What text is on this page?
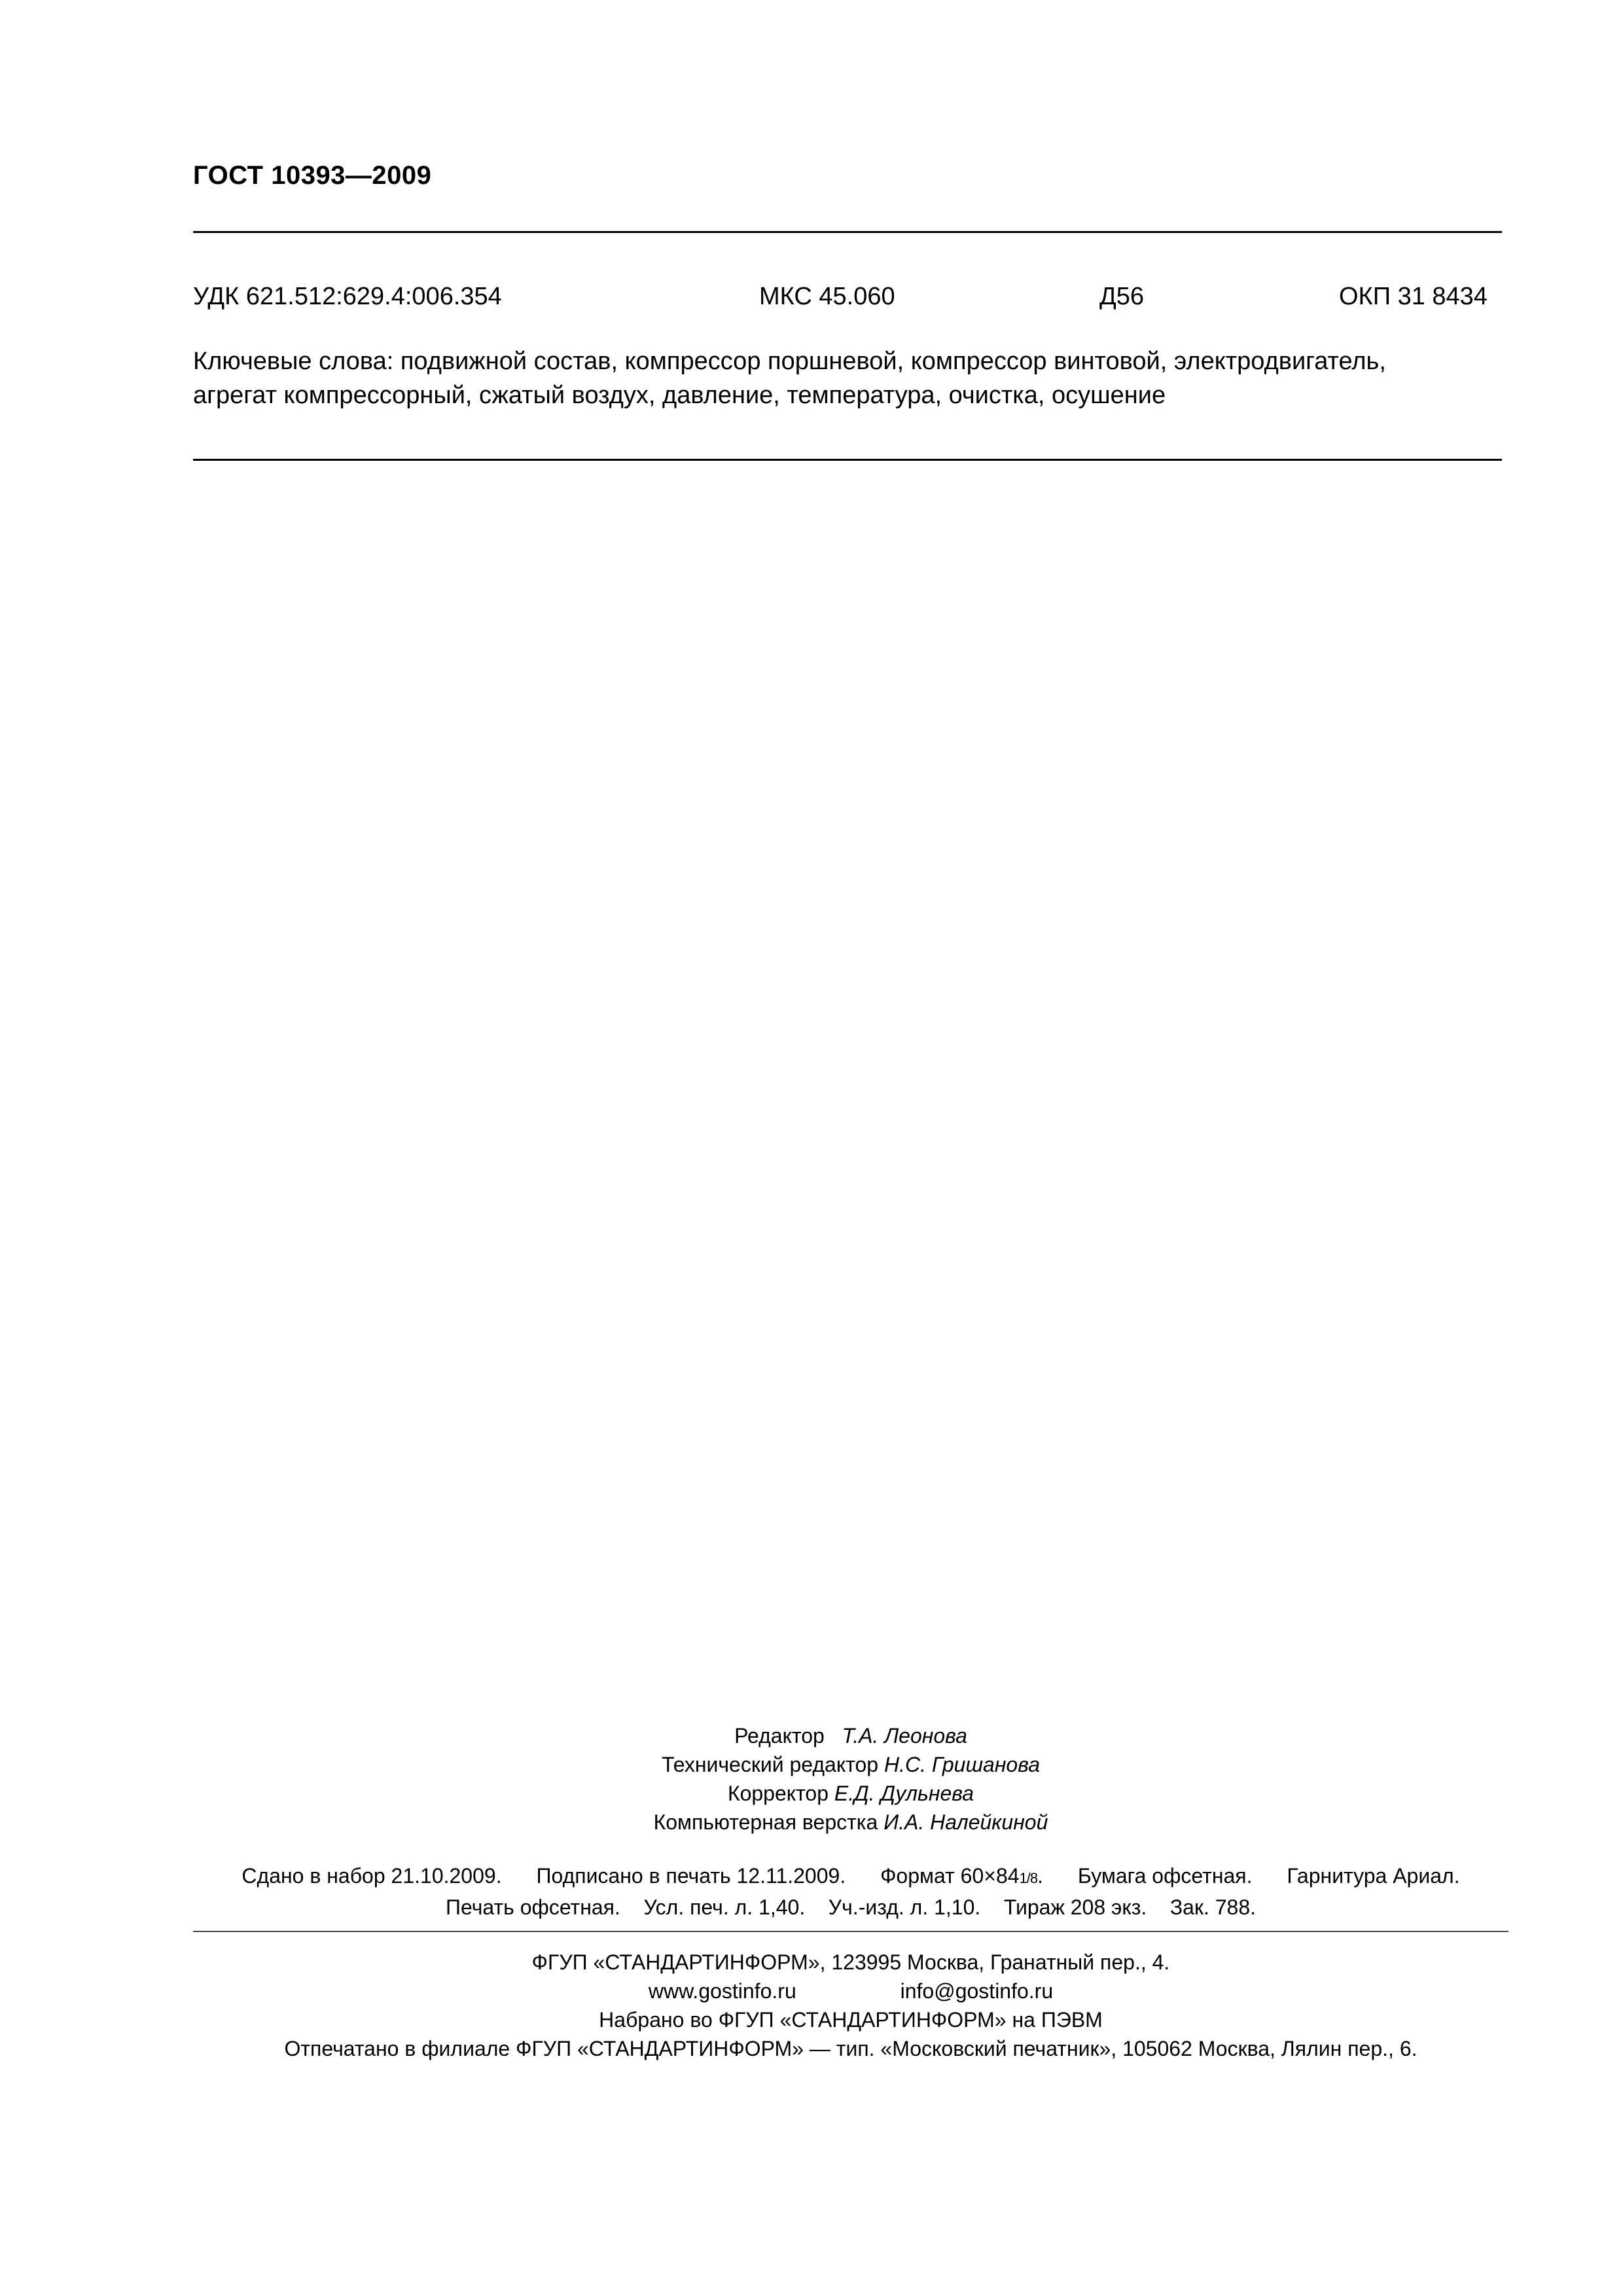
ГОСТ 10393—2009
УДК 621.512:629.4:006.354	МКС 45.060	Д56	ОКП 31 8434

Ключевые слова: подвижной состав, компрессор поршневой, компрессор винтовой, электродвигатель,

агрегат компрессорный, сжатый воздух, давление, температура, очистка, осушение

Редактор Т.А. Леонова
Технический редактор Н.С. Гришанова
Корректор Е.Д. Дульнева
Компьютерная верстка И.А. Налейкиной
Сдано в набор 21.10.2009. Подписано в печать 12.11.2009. Формат 60×841/8. Бумага офсетная. Гарнитура Ариал.
Печать офсетная. Усл. печ. л. 1,40. Уч.-изд. л. 1,10. Тираж 208 экз. Зак. 788.
ФГУП «СТАНДАРТИНФОРМ», 123995 Москва, Гранатный пер., 4.
www.gostinfo.ru	info@gostinfo.ru
Набрано во ФГУП «СТАНДАРТИНФОРМ» на ПЭВМ
Отпечатано в филиале ФГУП «СТАНДАРТИНФОРМ» — тип. «Московский печатник», 105062 Москва, Лялин пер., 6.
